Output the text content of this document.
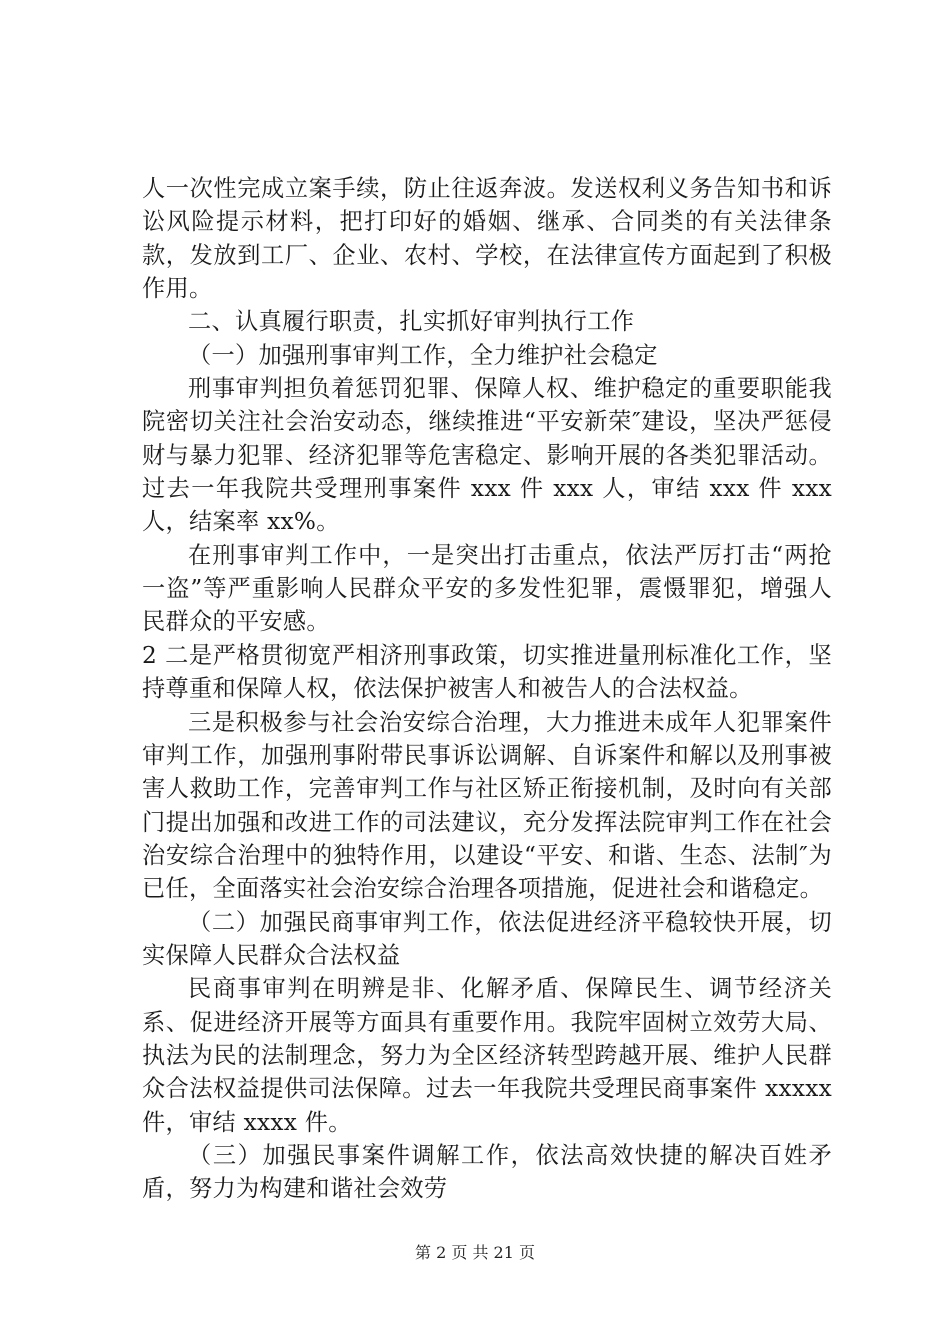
人一次性完成立案手续，防止往返奔波。发送权利义务告知书和诉讼风险提示材料，把打印好的婚姻、继承、合同类的有关法律条款，发放到工厂、企业、农村、学校，在法律宣传方面起到了积极作用。

二、认真履行职责，扎实抓好审判执行工作

（一）加强刑事审判工作，全力维护社会稳定

刑事审判担负着惩罚犯罪、保障人权、维护稳定的重要职能我院密切关注社会治安动态，继续推进“平安新荣″建设，坚决严惩侵财与暴力犯罪、经济犯罪等危害稳定、影响开展的各类犯罪活动。过去一年我院共受理刑事案件 xxx 件 xxx 人，审结 xxx 件 xxx 人，结案率 xx%。

在刑事审判工作中，一是突出打击重点，依法严厉打击“两抢一盗”等严重影响人民群众平安的多发性犯罪，震慑罪犯，增强人民群众的平安感。

2 二是严格贯彻宽严相济刑事政策，切实推进量刑标准化工作，坚持尊重和保障人权，依法保护被害人和被告人的合法权益。

三是积极参与社会治安综合治理，大力推进未成年人犯罪案件审判工作，加强刑事附带民事诉讼调解、自诉案件和解以及刑事被害人救助工作，完善审判工作与社区矫正衔接机制，及时向有关部门提出加强和改进工作的司法建议，充分发挥法院审判工作在社会治安综合治理中的独特作用，以建设“平安、和谐、生态、法制″为已任，全面落实社会治安综合治理各项措施，促进社会和谐稳定。

（二）加强民商事审判工作，依法促进经济平稳较快开展，切实保障人民群众合法权益

民商事审判在明辨是非、化解矛盾、保障民生、调节经济关系、促进经济开展等方面具有重要作用。我院牢固树立效劳大局、执法为民的法制理念，努力为全区经济转型跨越开展、维护人民群众合法权益提供司法保障。过去一年我院共受理民商事案件 xxxxx 件，审结 xxxx 件。

（三）加强民事案件调解工作，依法高效快捷的解决百姓矛盾，努力为构建和谐社会效劳

第 2 页 共 21 页
